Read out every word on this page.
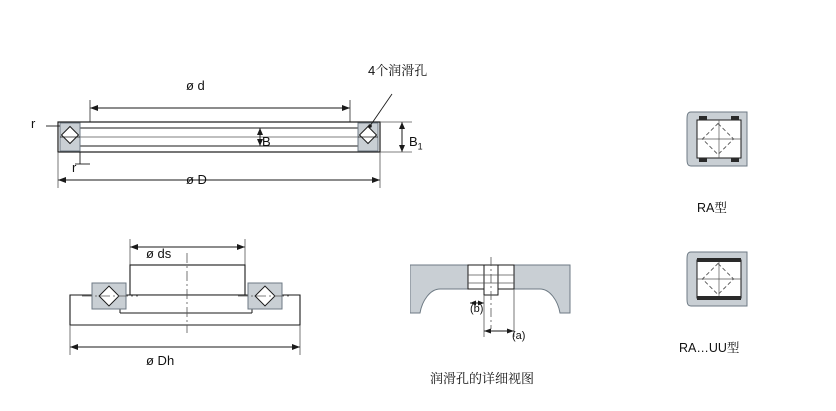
ø d
ø D
B
r
r
4个润滑孔
$B_1$
ø ds
ø Dh
(b)
(a)
润滑孔的详细视图
RA型
RA…UU型
